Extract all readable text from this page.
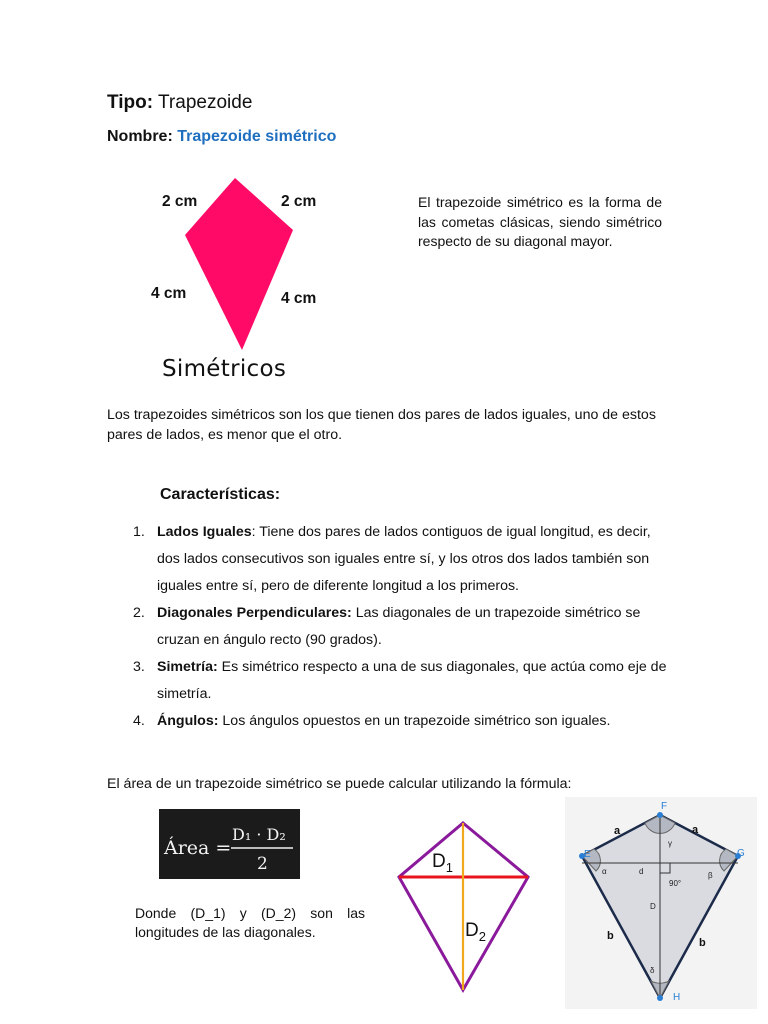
Tipo: Trapezoide
Nombre: Trapezoide simétrico
2 cm	2 cm
4 cm	4 cm
Simétricos
El trapezoide simétrico es la forma de las cometas clásicas, siendo simétrico respecto de su diagonal mayor.
Los trapezoides simétricos son los que tienen dos pares de lados iguales, uno de estos pares de lados, es menor que el otro.
Características:
1. Lados Iguales: Tiene dos pares de lados contiguos de igual longitud, es decir, dos lados consecutivos son iguales entre sí, y los otros dos lados también son iguales entre sí, pero de diferente longitud a los primeros.
2. Diagonales Perpendiculares: Las diagonales de un trapezoide simétrico se cruzan en ángulo recto (90 grados).
3. Simetría: Es simétrico respecto a una de sus diagonales, que actúa como eje de simetría.
4. Ángulos: Los ángulos opuestos en un trapezoide simétrico son iguales.
El área de un trapezoide simétrico se puede calcular utilizando la fórmula:
Área =
D₁ · D₂
2
Donde (D_1) y (D_2) son las longitudes de las diagonales.
$D_1$
$D_2$
F
E	G
H
a	a
b
b
γ
α	β
δ
d
D
90°
